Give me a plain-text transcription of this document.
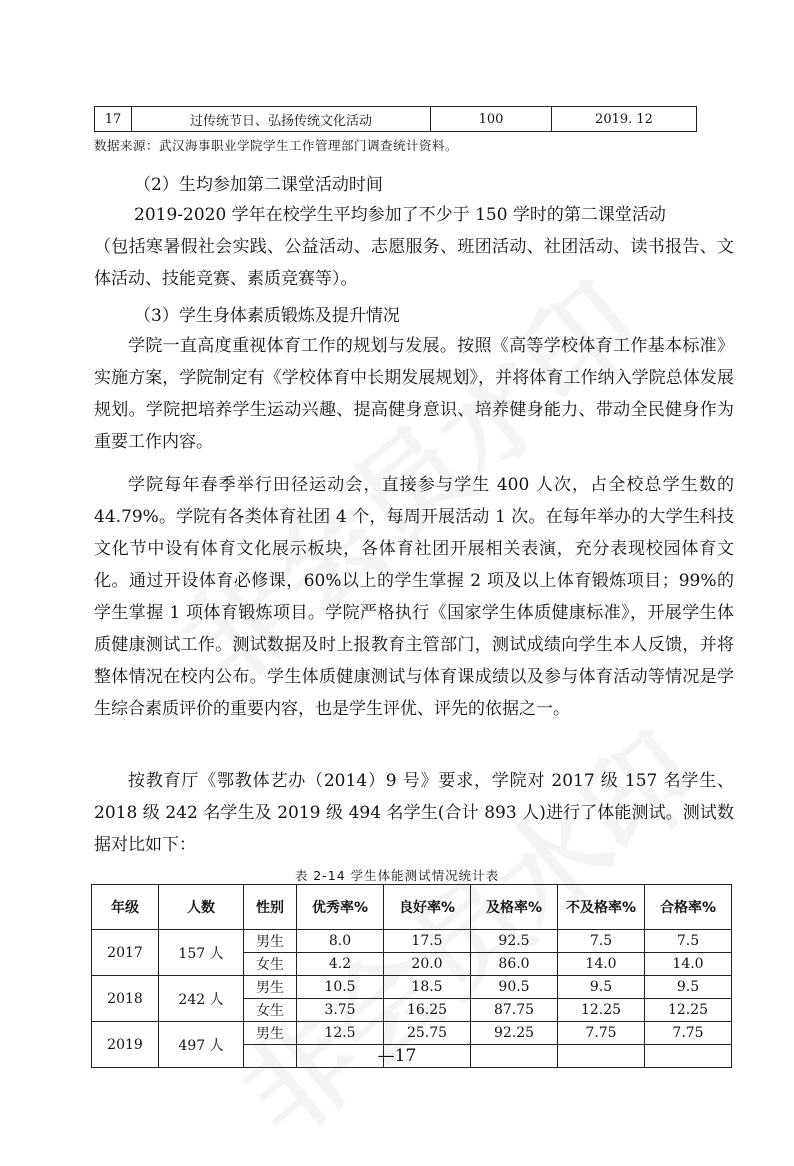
17	过传统节日、弘扬传统文化活动	100	2019. 12
数据来源：武汉海事职业学院学生工作管理部门调查统计资料。

（2）生均参加第二课堂活动时间

2019-2020 学年在校学生平均参加了不少于 150 学时的第二课堂活动

（包括寒暑假社会实践、公益活动、志愿服务、班团活动、社团活动、读书报告、文体活动、技能竞赛、素质竞赛等）。

（3）学生身体素质锻炼及提升情况

学院一直高度重视体育工作的规划与发展。按照《高等学校体育工作基本标准》实施方案，学院制定有《学校体育中长期发展规划》，并将体育工作纳入学院总体发展规划。学院把培养学生运动兴趣、提高健身意识、培养健身能力、带动全民健身作为重要工作内容。

学院每年春季举行田径运动会，直接参与学生 400 人次，占全校总学生数的 44.79%。学院有各类体育社团 4 个，每周开展活动 1 次。在每年举办的大学生科技文化节中设有体育文化展示板块，各体育社团开展相关表演，充分表现校园体育文化。通过开设体育必修课，60%以上的学生掌握 2 项及以上体育锻炼项目；99%的学生掌握 1 项体育锻炼项目。学院严格执行《国家学生体质健康标准》，开展学生体质健康测试工作。测试数据及时上报教育主管部门，测试成绩向学生本人反馈，并将整体情况在校内公布。学生体质健康测试与体育课成绩以及参与体育活动等情况是学生综合素质评价的重要内容，也是学生评优、评先的依据之一。

按教育厅《鄂教体艺办（2014）9 号》要求，学院对 2017 级 157 名学生、2018 级 242 名学生及 2019 级 494 名学生(合计 893 人)进行了体能测试。测试数据对比如下：

表 2-14 学生体能测试情况统计表
年级	人数	性别	优秀率%	良好率%	及格率%	不及格率%	合格率%
2017	157 人	男生	8.0	17.5	92.5	7.5	7.5
		女生	4.2	20.0	86.0	14.0	14.0
2018	242 人	男生	10.5	18.5	90.5	9.5	9.5
		女生	3.75	16.25	87.75	12.25	12.25
2019	497 人	男生	12.5	25.75	92.25	7.75	7.75

—17
